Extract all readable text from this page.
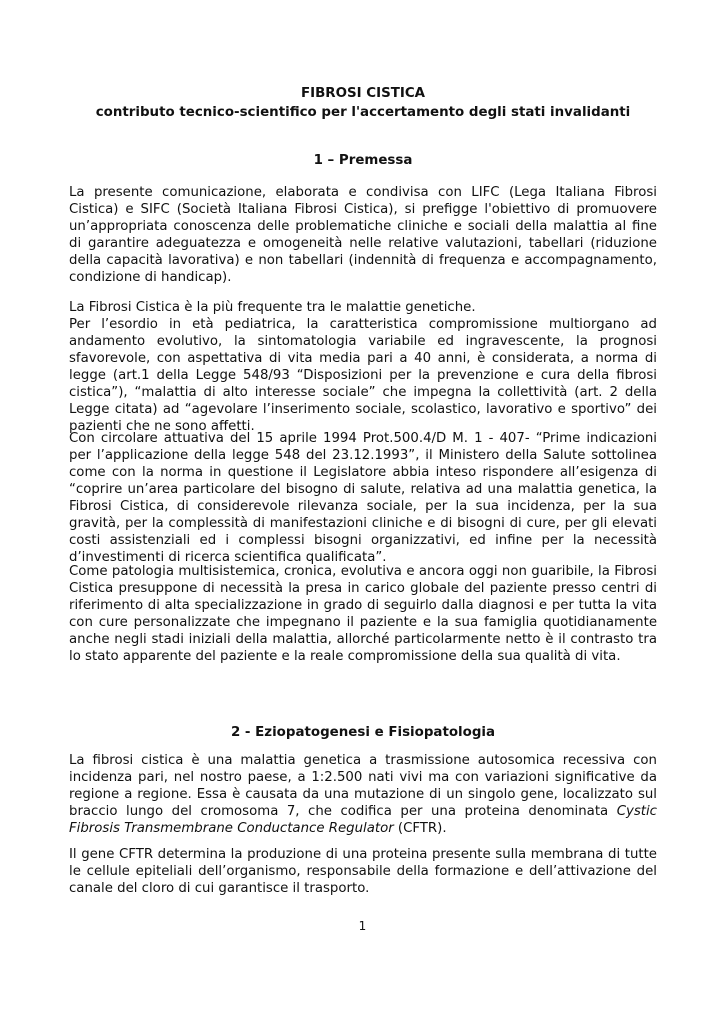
FIBROSI CISTICA
contributo tecnico-scientifico per l'accertamento degli stati invalidanti
1 – Premessa

La presente comunicazione, elaborata e condivisa con LIFC (Lega Italiana Fibrosi Cistica) e SIFC (Società Italiana Fibrosi Cistica), si prefigge l'obiettivo di promuovere un’appropriata conoscenza delle problematiche cliniche e sociali della malattia al fine di garantire adeguatezza e omogeneità nelle relative valutazioni, tabellari (riduzione della capacità lavorativa) e non tabellari (indennità di frequenza e accompagnamento, condizione di handicap).

La Fibrosi Cistica è la più frequente tra le malattie genetiche.

Per l’esordio in età pediatrica, la caratteristica compromissione multiorgano ad andamento evolutivo, la sintomatologia variabile ed ingravescente, la prognosi sfavorevole, con aspettativa di vita media pari a 40 anni, è considerata, a norma di legge (art.1 della Legge 548/93 “Disposizioni per la prevenzione e cura della fibrosi cistica”), “malattia di alto interesse sociale” che impegna la collettività (art. 2 della Legge citata) ad “agevolare l’inserimento sociale, scolastico, lavorativo e sportivo” dei pazienti che ne sono affetti.

Con circolare attuativa del 15 aprile 1994 Prot.500.4/D M. 1 - 407- “Prime indicazioni per l’applicazione della legge 548 del 23.12.1993”, il Ministero della Salute sottolinea come con la norma in questione il Legislatore abbia inteso rispondere all’esigenza di “coprire un’area particolare del bisogno di salute, relativa ad una malattia genetica, la Fibrosi Cistica, di considerevole rilevanza sociale, per la sua incidenza, per la sua gravità, per la complessità di manifestazioni cliniche e di bisogni di cure, per gli elevati costi assistenziali ed i complessi bisogni organizzativi, ed infine per la necessità d’investimenti di ricerca scientifica qualificata”.

Come patologia multisistemica, cronica, evolutiva e ancora oggi non guaribile, la Fibrosi Cistica presuppone di necessità la presa in carico globale del paziente presso centri di riferimento di alta specializzazione in grado di seguirlo dalla diagnosi e per tutta la vita con cure personalizzate che impegnano il paziente e la sua famiglia quotidianamente anche negli stadi iniziali della malattia, allorché particolarmente netto è il contrasto tra lo stato apparente del paziente e la reale compromissione della sua qualità di vita.

2 - Eziopatogenesi e Fisiopatologia

La fibrosi cistica è una malattia genetica a trasmissione autosomica recessiva con incidenza pari, nel nostro paese, a 1:2.500 nati vivi ma con variazioni significative da regione a regione. Essa è causata da una mutazione di un singolo gene, localizzato sul braccio lungo del cromosoma 7, che codifica per una proteina denominata Cystic Fibrosis Transmembrane Conductance Regulator (CFTR).

Il gene CFTR determina la produzione di una proteina presente sulla membrana di tutte le cellule epiteliali dell’organismo, responsabile della formazione e dell’attivazione del canale del cloro di cui garantisce il trasporto.

1
